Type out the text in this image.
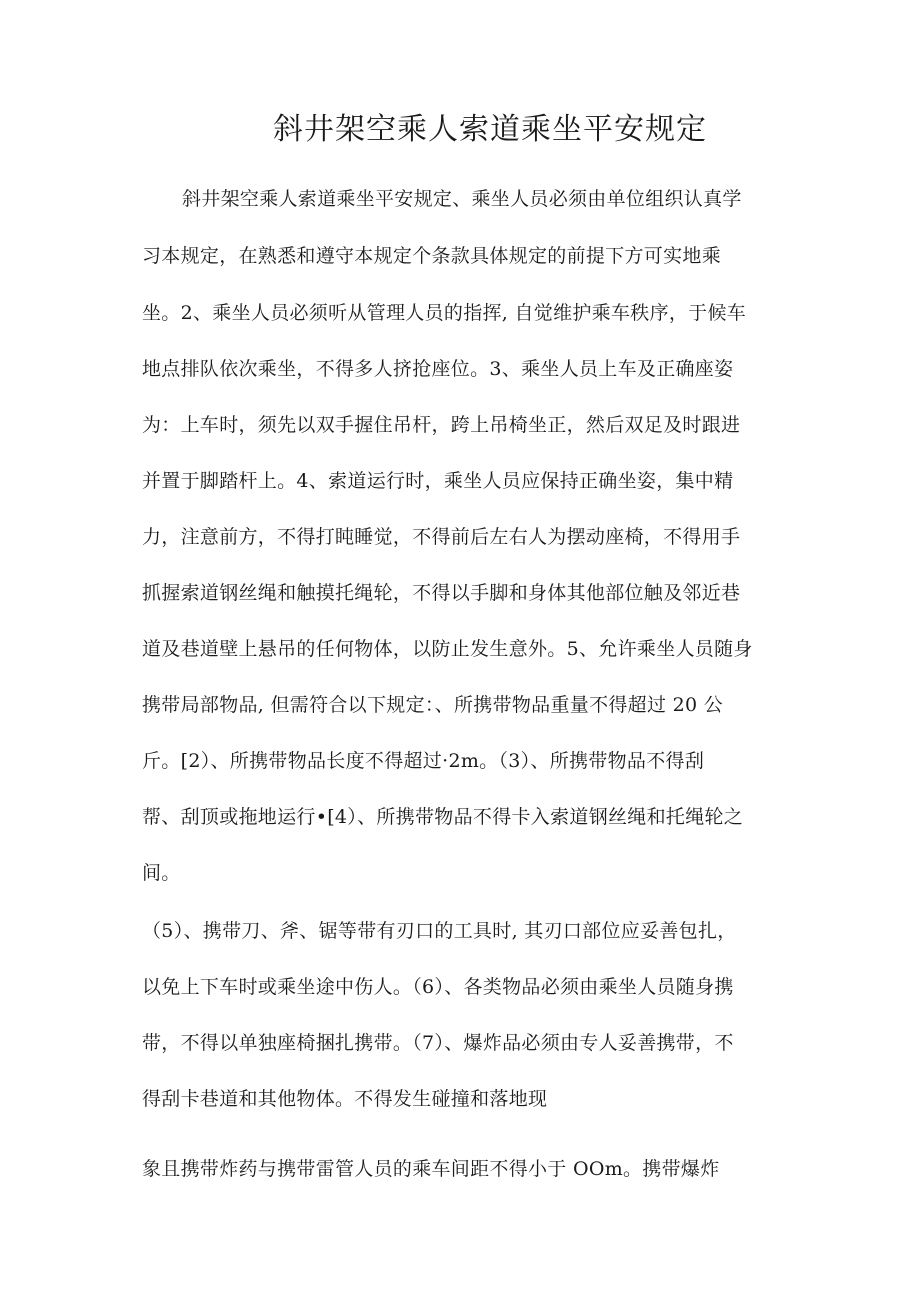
斜井架空乘人索道乘坐平安规定
斜井架空乘人索道乘坐平安规定、乘坐人员必须由单位组织认真学
习本规定，在熟悉和遵守本规定个条款具体规定的前提下方可实地乘
坐。2、乘坐人员必须听从管理人员的指挥, 自觉维护乘车秩序，于候车
地点排队依次乘坐，不得多人挤抢座位。3、乘坐人员上车及正确座姿
为：上车时，须先以双手握住吊杆，跨上吊椅坐正，然后双足及时跟进
并置于脚踏杆上。4、索道运行时，乘坐人员应保持正确坐姿，集中精
力，注意前方，不得打盹睡觉，不得前后左右人为摆动座椅，不得用手
抓握索道钢丝绳和触摸托绳轮，不得以手脚和身体其他部位触及邻近巷
道及巷道壁上悬吊的任何物体，以防止发生意外。5、允许乘坐人员随身
携带局部物品, 但需符合以下规定：、所携带物品重量不得超过 20 公
斤。[2）、所携带物品长度不得超过·2m。（3）、所携带物品不得刮
帮、刮顶或拖地运行•[4）、所携带物品不得卡入索道钢丝绳和托绳轮之
间。
（5）、携带刀、斧、锯等带有刃口的工具时, 其刃口部位应妥善包扎，
以免上下车时或乘坐途中伤人。（6）、各类物品必须由乘坐人员随身携
带，不得以单独座椅捆扎携带。（7）、爆炸品必须由专人妥善携带，不
得刮卡巷道和其他物体。不得发生碰撞和落地现
象且携带炸药与携带雷管人员的乘车间距不得小于 OOm。携带爆炸
